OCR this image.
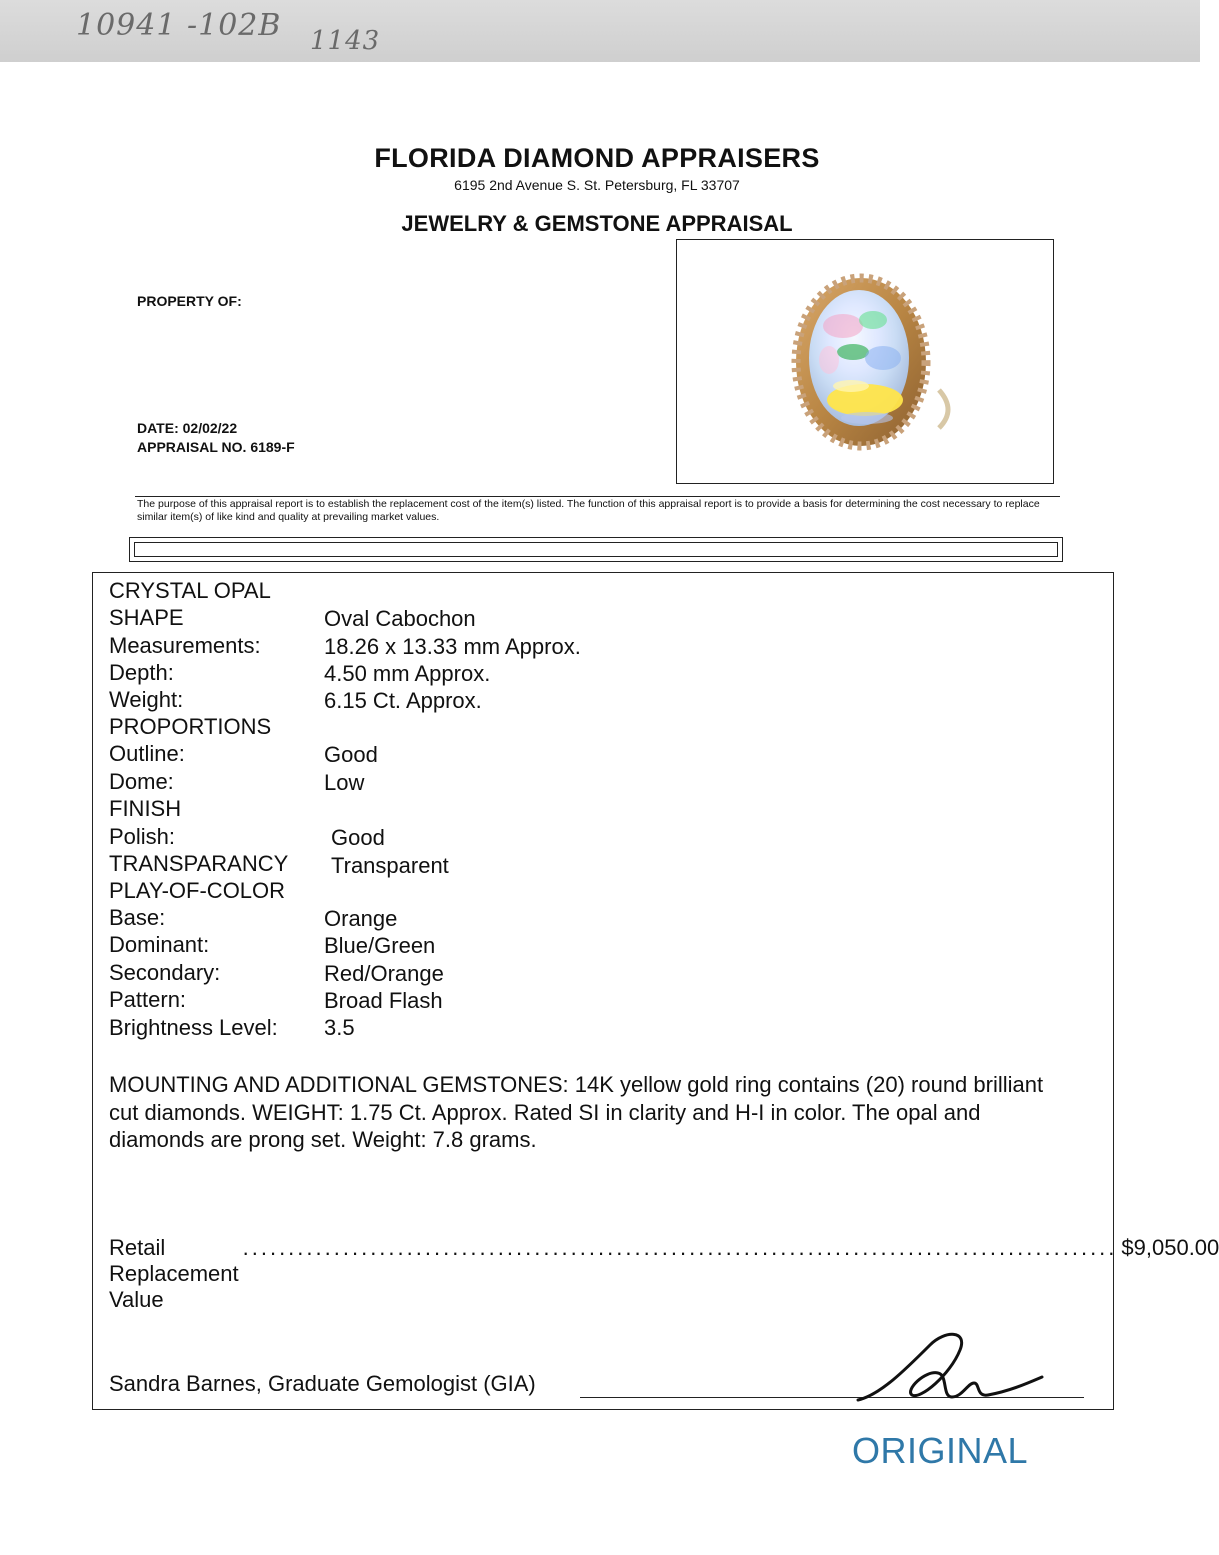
10941 -102B 1143
FLORIDA DIAMOND APPRAISERS
6195 2nd Avenue S. St. Petersburg, FL 33707
JEWELRY & GEMSTONE APPRAISAL
PROPERTY OF:
DATE: 02/02/22
APPRAISAL NO. 6189-F
The purpose of this appraisal report is to establish the replacement cost of the item(s) listed. The function of this appraisal report is to provide a basis for determining the cost necessary to replace similar item(s) of like kind and quality at prevailing market values.
CRYSTAL OPAL
SHAPE	Oval Cabochon
Measurements:	18.26 x 13.33 mm Approx.
Depth:	4.50 mm Approx.
Weight:	6.15 Ct. Approx.
PROPORTIONS
Outline:	Good
Dome:	Low
FINISH
Polish:	Good
TRANSPARANCY Transparent
PLAY-OF-COLOR
Base:	Orange
Dominant:	Blue/Green
Secondary:	Red/Orange
Pattern:	Broad Flash
Brightness Level: 3.5
MOUNTING AND ADDITIONAL GEMSTONES: 14K yellow gold ring contains (20) round brilliant cut diamonds. WEIGHT: 1.75 Ct. Approx. Rated SI in clarity and H-I in color. The opal and diamonds are prong set. Weight: 7.8 grams.
Retail Replacement Value
................................................................................................ $9,050.00
Sandra Barnes, Graduate Gemologist (GIA)
ORIGINAL
